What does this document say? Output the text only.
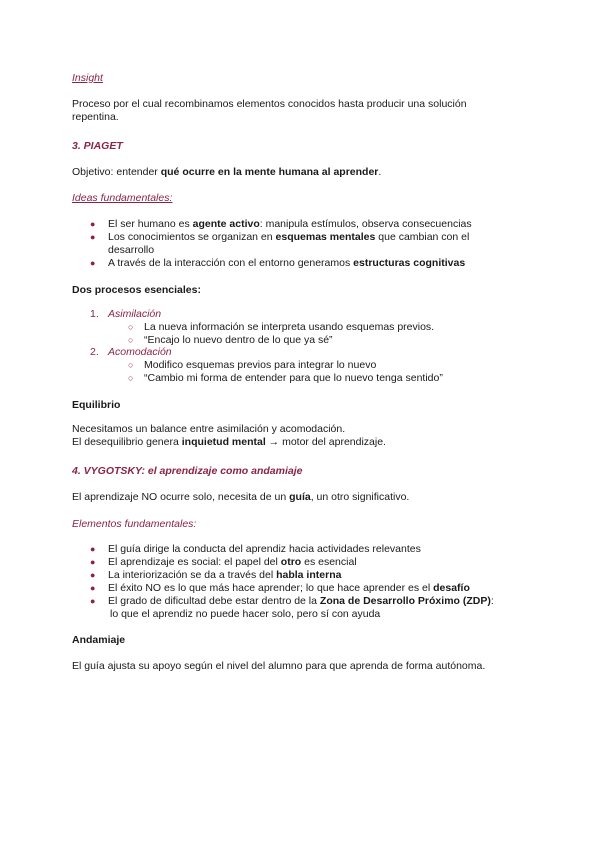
Insight
Proceso por el cual recombinamos elementos conocidos hasta producir una solución repentina.
3. PIAGET
Objetivo: entender qué ocurre en la mente humana al aprender.
Ideas fundamentales:
● El ser humano es agente activo: manipula estímulos, observa consecuencias
● Los conocimientos se organizan en esquemas mentales que cambian con el
desarrollo
● A través de la interacción con el entorno generamos estructuras cognitivas
Dos procesos esenciales:
1. Asimilación
○ La nueva información se interpreta usando esquemas previos.
○ “Encajo lo nuevo dentro de lo que ya sé”
2. Acomodación
○ Modifico esquemas previos para integrar lo nuevo
○ “Cambio mi forma de entender para que lo nuevo tenga sentido”
Equilibrio
Necesitamos un balance entre asimilación y acomodación.
El desequilibrio genera inquietud mental → motor del aprendizaje.
4. VYGOTSKY: el aprendizaje como andamiaje
El aprendizaje NO ocurre solo, necesita de un guía, un otro significativo.
Elementos fundamentales:
● El guía dirige la conducta del aprendiz hacia actividades relevantes
● El aprendizaje es social: el papel del otro es esencial
● La interiorización se da a través del habla interna
● El éxito NO es lo que más hace aprender; lo que hace aprender es el desafío
● El grado de dificultad debe estar dentro de la Zona de Desarrollo Próximo (ZDP):
lo que el aprendiz no puede hacer solo, pero sí con ayuda
Andamiaje
El guía ajusta su apoyo según el nivel del alumno para que aprenda de forma autónoma.
